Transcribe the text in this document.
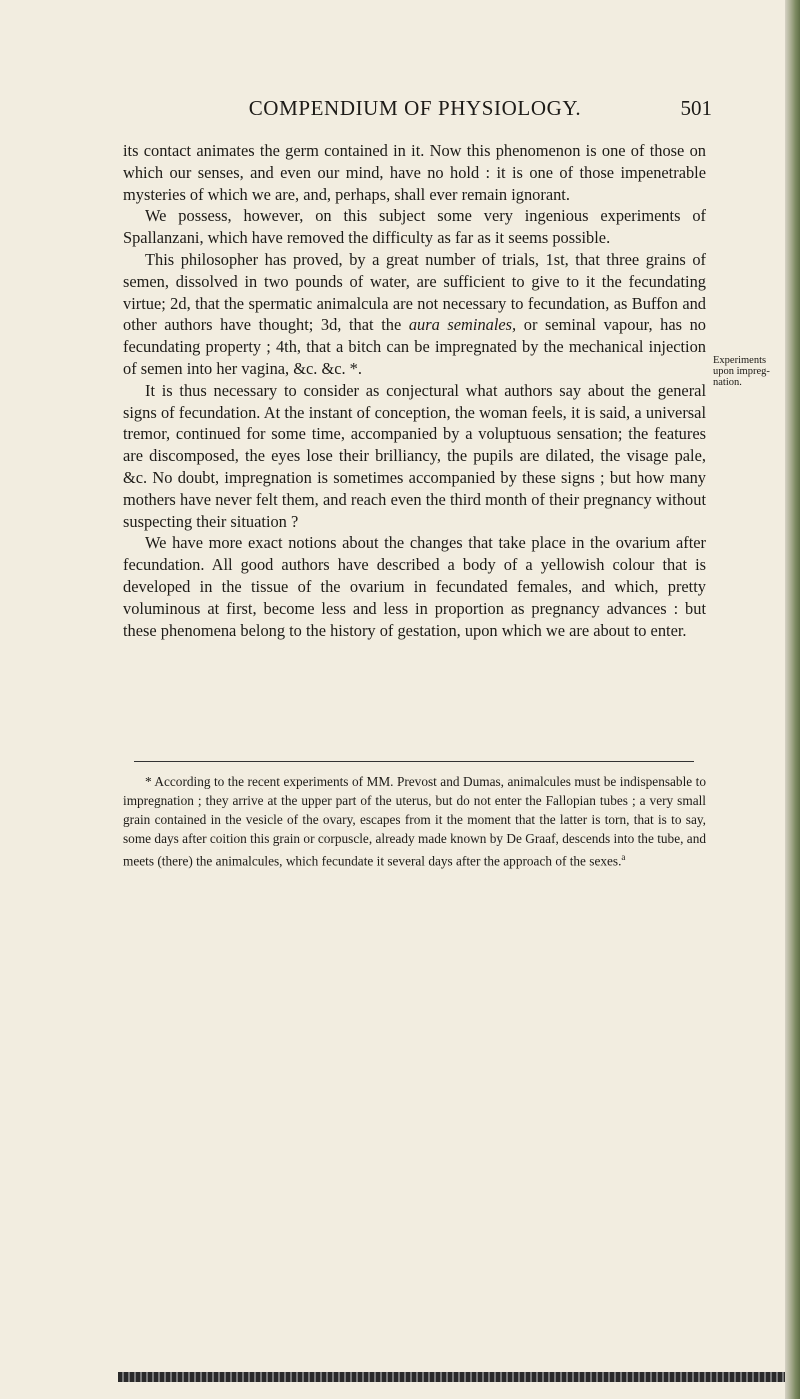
COMPENDIUM OF PHYSIOLOGY.	501

its contact animates the germ contained in it. Now this phenomenon is one of those on which our senses, and even our mind, have no hold : it is one of those impenetrable mysteries of which we are, and, perhaps, shall ever remain ignorant.

We possess, however, on this subject some very ingenious experiments of Spallanzani, which have removed the difficulty as far as it seems possible.

This philosopher has proved, by a great number of trials, 1st, that three grains of semen, dissolved in two pounds of water, are sufficient to give to it the fecundating virtue; 2d, that the spermatic animalcula are not necessary to fecundation, as Buffon and other authors have thought; 3d, that the aura seminales, or seminal vapour, has no fecundating property ; 4th, that a bitch can be impregnated by the mechanical injection of semen into her vagina, &c. &c. *.

It is thus necessary to consider as conjectural what authors say about the general signs of fecundation. At the instant of conception, the woman feels, it is said, a universal tremor, continued for some time, accompanied by a voluptuous sensation; the features are discomposed, the eyes lose their brilliancy, the pupils are dilated, the visage pale, &c. No doubt, impregnation is sometimes accompanied by these signs ; but how many mothers have never felt them, and reach even the third month of their pregnancy without suspecting their situation ?

We have more exact notions about the changes that take place in the ovarium after fecundation. All good authors have described a body of a yellowish colour that is developed in the tissue of the ovarium in fecundated females, and which, pretty voluminous at first, become less and less in proportion as pregnancy advances : but these phenomena belong to the history of gestation, upon which we are about to enter.

Experiments
upon impreg-
nation.

* According to the recent experiments of MM. Prevost and Dumas, animalcules must be indispensable to impregnation ; they arrive at the upper part of the uterus, but do not enter the Fallopian tubes ; a very small grain contained in the vesicle of the ovary, escapes from it the moment that the latter is torn, that is to say, some days after coition this grain or corpuscle, already made known by De Graaf, descends into the tube, and meets (there) the animalcules, which fecundate it several days after the approach of the sexes.$^a$
